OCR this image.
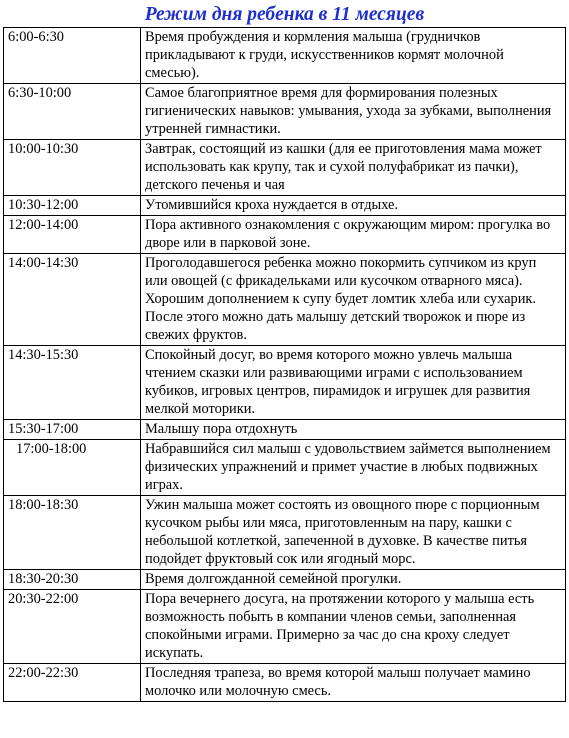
Режим дня ребенка в 11 месяцев
6:00-6:30	Время пробуждения и кормления малыша (грудничков прикладывают к груди, искусственников кормят молочной смесью).
6:30-10:00	Самое благоприятное время для формирования полезных гигиенических навыков: умывания, ухода за зубками, выполнения утренней гимнастики.
10:00-10:30	Завтрак, состоящий из кашки (для ее приготовления мама может использовать как крупу, так и сухой полуфабрикат из пачки), детского печенья и чая
10:30-12:00	Утомившийся кроха нуждается в отдыхе.
12:00-14:00	Пора активного ознакомления с окружающим миром: прогулка во дворе или в парковой зоне.
14:00-14:30	Проголодавшегося ребенка можно покормить супчиком из круп или овощей (с фрикадельками или кусочком отварного мяса). Хорошим дополнением к супу будет ломтик хлеба или сухарик. После этого можно дать малышу детский творожок и пюре из свежих фруктов.
14:30-15:30	Спокойный досуг, во время которого можно увлечь малыша чтением сказки или развивающими играми с использованием кубиков, игровых центров, пирамидок и игрушек для развития мелкой моторики.
15:30-17:00	Малышу пора отдохнуть
17:00-18:00	Набравшийся сил малыш с удовольствием займется выполнением физических упражнений и примет участие в любых подвижных играх.
18:00-18:30	Ужин малыша может состоять из овощного пюре с порционным кусочком рыбы или мяса, приготовленным на пару, кашки с небольшой котлеткой, запеченной в духовке. В качестве питья подойдет фруктовый сок или ягодный морс.
18:30-20:30	Время долгожданной семейной прогулки.
20:30-22:00	Пора вечернего досуга, на протяжении которого у малыша есть возможность побыть в компании членов семьи, заполненная спокойными играми. Примерно за час до сна кроху следует искупать.
22:00-22:30	Последняя трапеза, во время которой малыш получает мамино молочко или молочную смесь.
